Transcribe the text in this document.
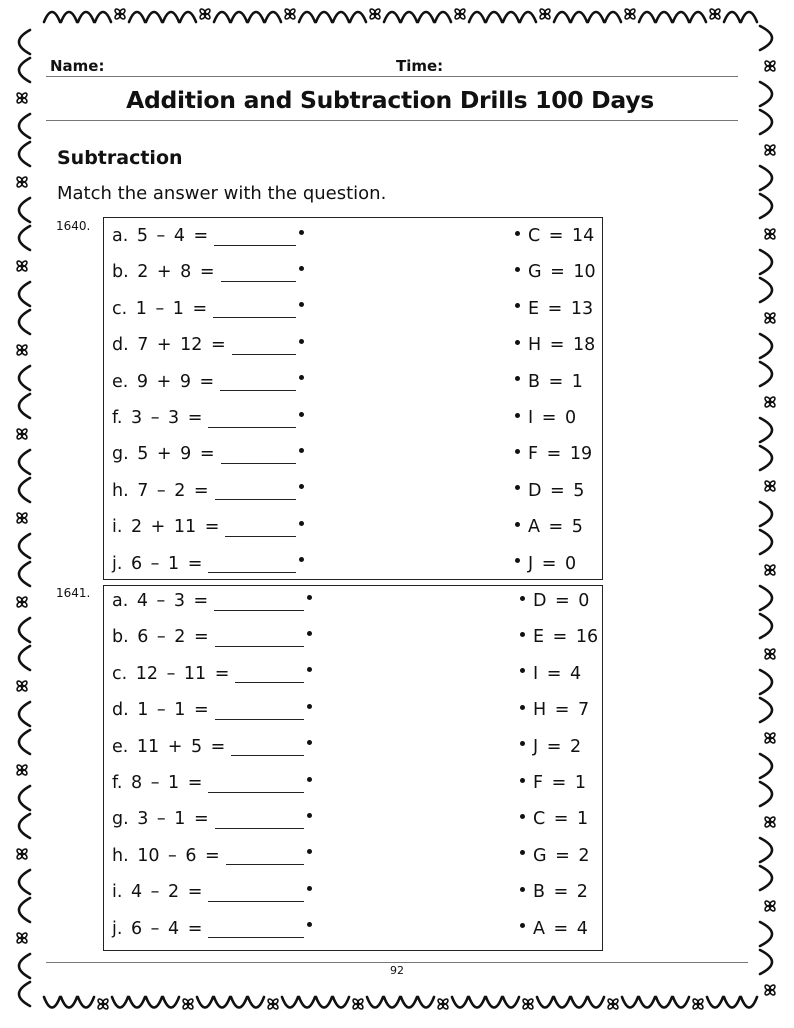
Name:	Time:
Addition and Subtraction Drills 100 Days
Subtraction
Match the answer with the question.
1640. a. 5 – 4 =
b. 2 + 8 =
c. 1 – 1 =
d. 7 + 12 =
e. 9 + 9 =
f. 3 – 3 =
g. 5 + 9 =
h. 7 – 2 =
i. 2 + 11 =
j. 6 – 1 =
C = 14
G = 10
E = 13
H = 18
B = 1
I = 0
F = 19
D = 5
A = 5
J = 0
1641. a. 4 – 3 =
b. 6 – 2 =
c. 12 – 11 =
d. 1 – 1 =
e. 11 + 5 =
f. 8 – 1 =
g. 3 – 1 =
h. 10 – 6 =
i. 4 – 2 =
j. 6 – 4 =
D = 0
E = 16
I = 4
H = 7
J = 2
F = 1
C = 1
G = 2
B = 2
A = 4
92
